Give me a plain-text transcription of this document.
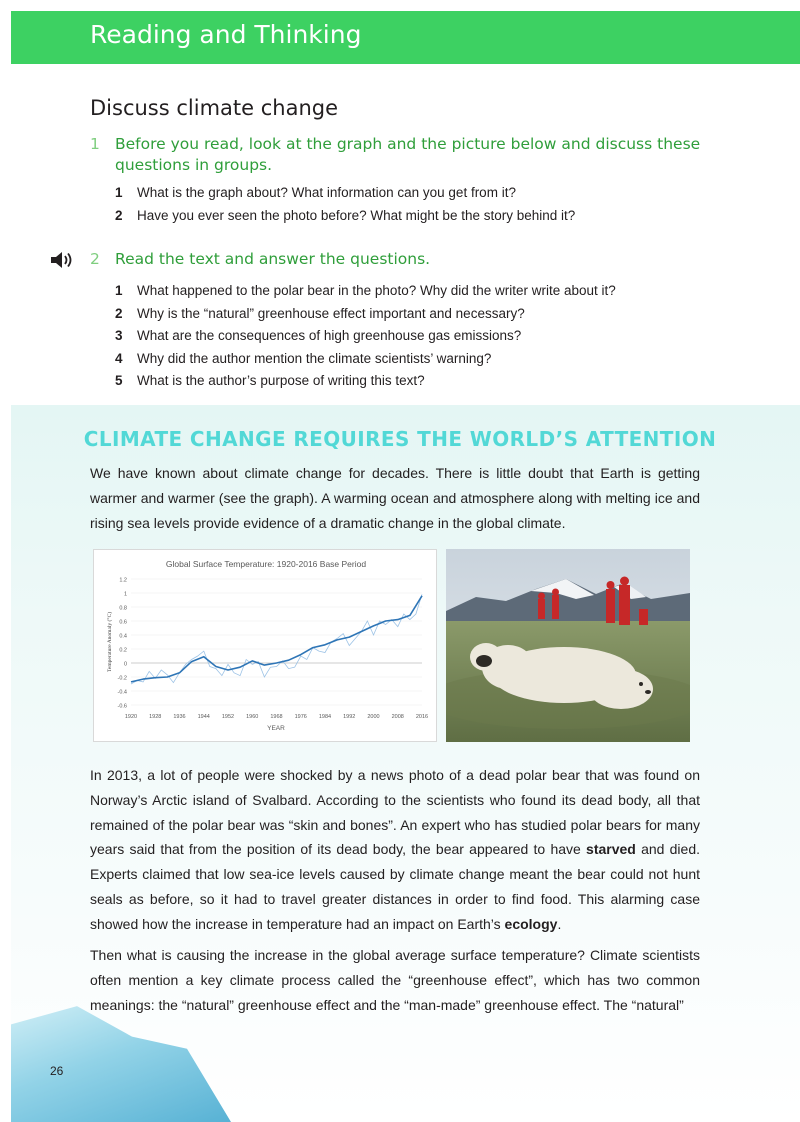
Reading and Thinking
Discuss climate change
1 Before you read, look at the graph and the picture below and discuss these questions in groups.
1 What is the graph about? What information can you get from it?
2 Have you ever seen the photo before? What might be the story behind it?
2 Read the text and answer the questions.
1 What happened to the polar bear in the photo? Why did the writer write about it?
2 Why is the “natural” greenhouse effect important and necessary?
3 What are the consequences of high greenhouse gas emissions?
4 Why did the author mention the climate scientists’ warning?
5 What is the author’s purpose of writing this text?
CLIMATE CHANGE REQUIRES THE WORLD’S ATTENTION

We have known about climate change for decades. There is little doubt that Earth is getting warmer and warmer (see the graph). A warming ocean and atmosphere along with melting ice and rising sea levels provide evidence of a dramatic change in the global climate.

Global Surface Temperature: 1920-2016 Base Period
-0.6
-0.4
-0.2
0
0.2
0.4
0.6
0.8
1
1.2
1920 1928 1936 1944 1952 1960 1968 1976 1984 1992 2000 2008 2016
YEAR
Temperature Anomaly (°C)

In 2013, a lot of people were shocked by a news photo of a dead polar bear that was found on Norway’s Arctic island of Svalbard. According to the scientists who found its dead body, all that remained of the polar bear was “skin and bones”. An expert who has studied polar bears for many years said that from the position of its dead body, the bear appeared to have starved and died. Experts claimed that low sea-ice levels caused by climate change meant the bear could not hunt seals as before, so it had to travel greater distances in order to find food. This alarming case showed how the increase in temperature had an impact on Earth’s ecology.

Then what is causing the increase in the global average surface temperature? Climate scientists often mention a key climate process called the “greenhouse effect”, which has two common meanings: the “natural” greenhouse effect and the “man-made” greenhouse effect. The “natural”

26
